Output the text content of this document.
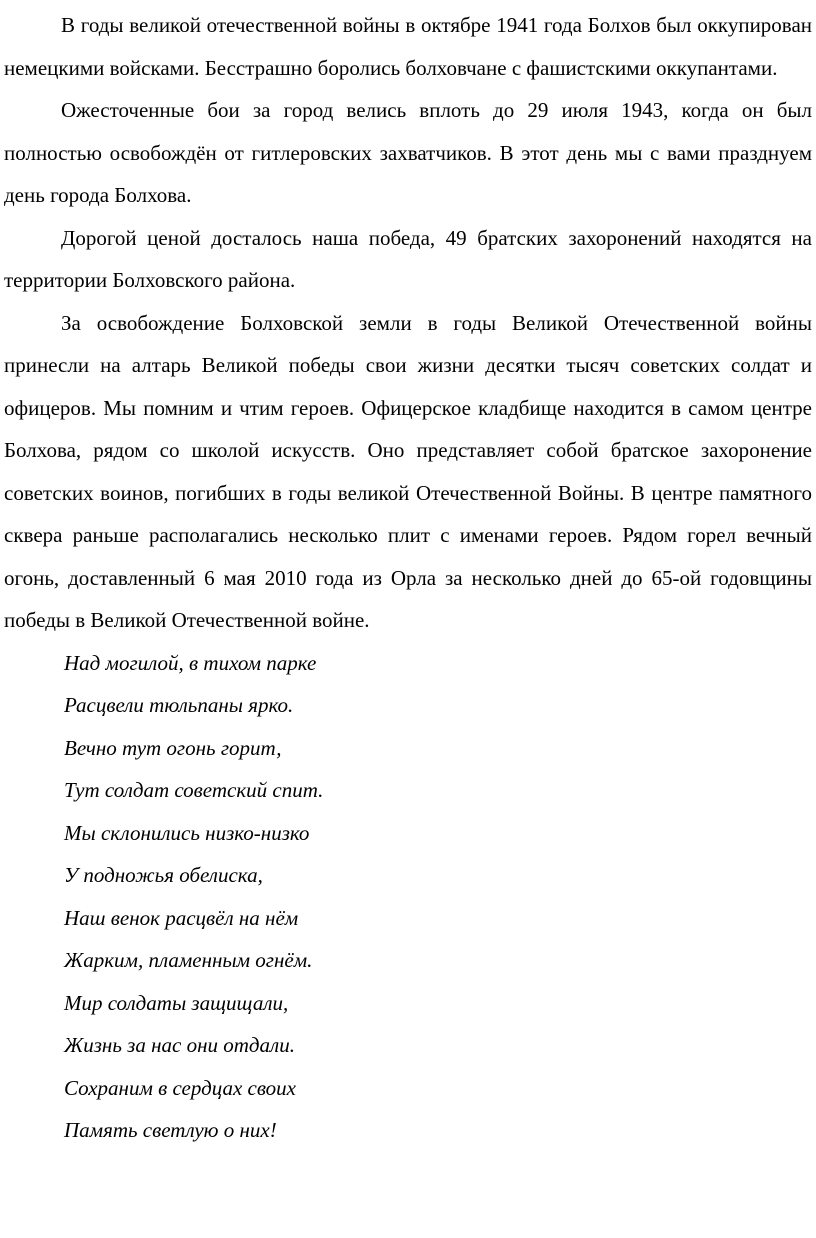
В годы великой отечественной войны в октябре 1941 года Болхов был оккупирован немецкими войсками. Бесстрашно боролись болховчане с фашистскими оккупантами.

Ожесточенные бои за город велись вплоть до 29 июля 1943, когда он был полностью освобождён от гитлеровских захватчиков. В этот день мы с вами празднуем день города Болхова.

Дорогой ценой досталось наша победа, 49 братских захоронений находятся на территории Болховского района.

За освобождение Болховской земли в годы Великой Отечественной войны принесли на алтарь Великой победы свои жизни десятки тысяч советских солдат и офицеров. Мы помним и чтим героев. Офицерское кладбище находится в самом центре Болхова, рядом со школой искусств. Оно представляет собой братское захоронение советских воинов, погибших в годы великой Отечественной Войны. В центре памятного сквера раньше располагались несколько плит с именами героев. Рядом горел вечный огонь, доставленный 6 мая 2010 года из Орла за несколько дней до 65-ой годовщины победы в Великой Отечественной войне.

Над могилой, в тихом парке
Расцвели тюльпаны ярко.
Вечно тут огонь горит,
Тут солдат советский спит.
Мы склонились низко-низко
У подножья обелиска,
Наш венок расцвёл на нём
Жарким, пламенным огнём.
Мир солдаты защищали,
Жизнь за нас они отдали.
Сохраним в сердцах своих
Память светлую о них!
